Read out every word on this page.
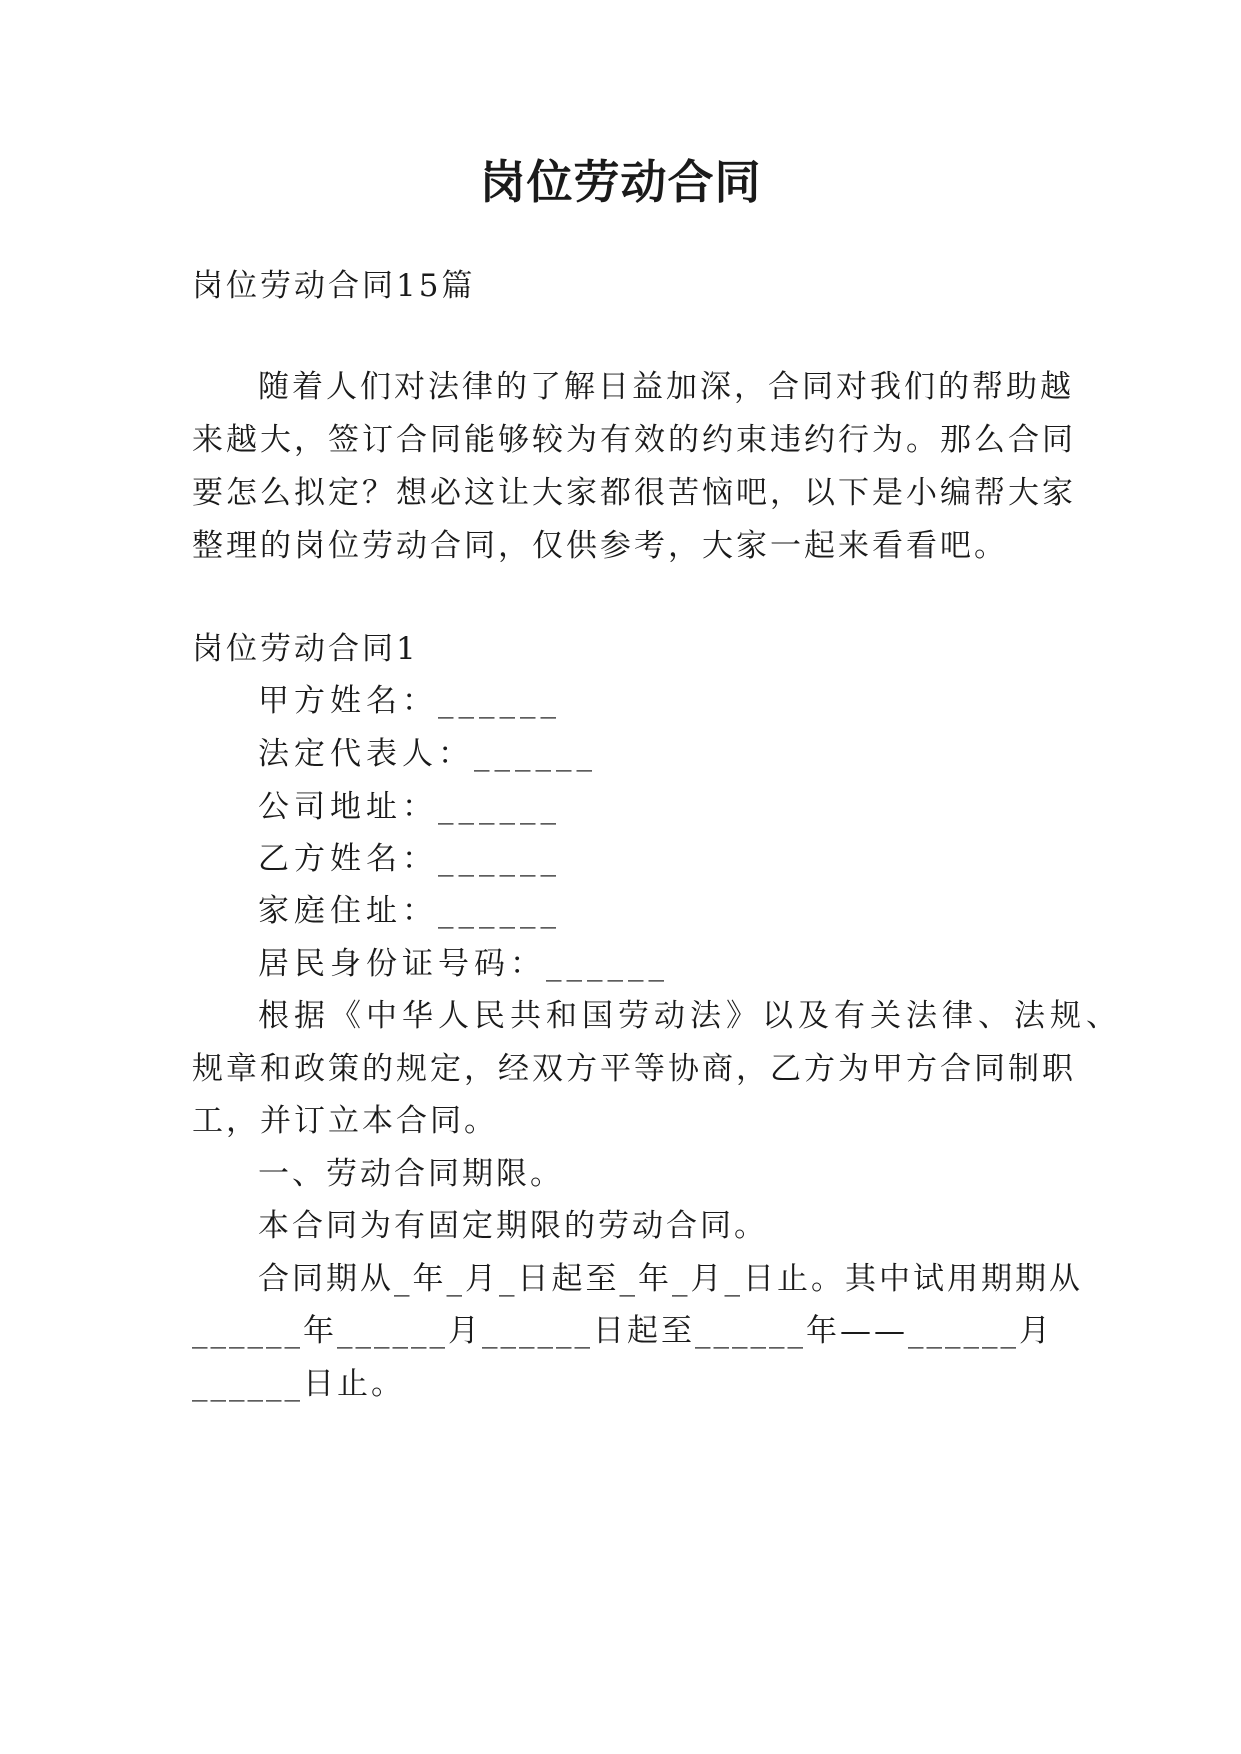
岗位劳动合同
岗位劳动合同15篇
随着人们对法律的了解日益加深，合同对我们的帮助越
来越大，签订合同能够较为有效的约束违约行为。那么合同
要怎么拟定？想必这让大家都很苦恼吧，以下是小编帮大家
整理的岗位劳动合同，仅供参考，大家一起来看看吧。
岗位劳动合同1
甲方姓名：______
法定代表人：______
公司地址：______
乙方姓名：______
家庭住址：______
居民身份证号码：______
根据《中华人民共和国劳动法》以及有关法律、法规、
规章和政策的规定，经双方平等协商，乙方为甲方合同制职
工，并订立本合同。
一、劳动合同期限。
本合同为有固定期限的劳动合同。
合同期从_年_月_日起至_年_月_日止。其中试用期期从
______年______月______日起至______年——______月
______日止。
